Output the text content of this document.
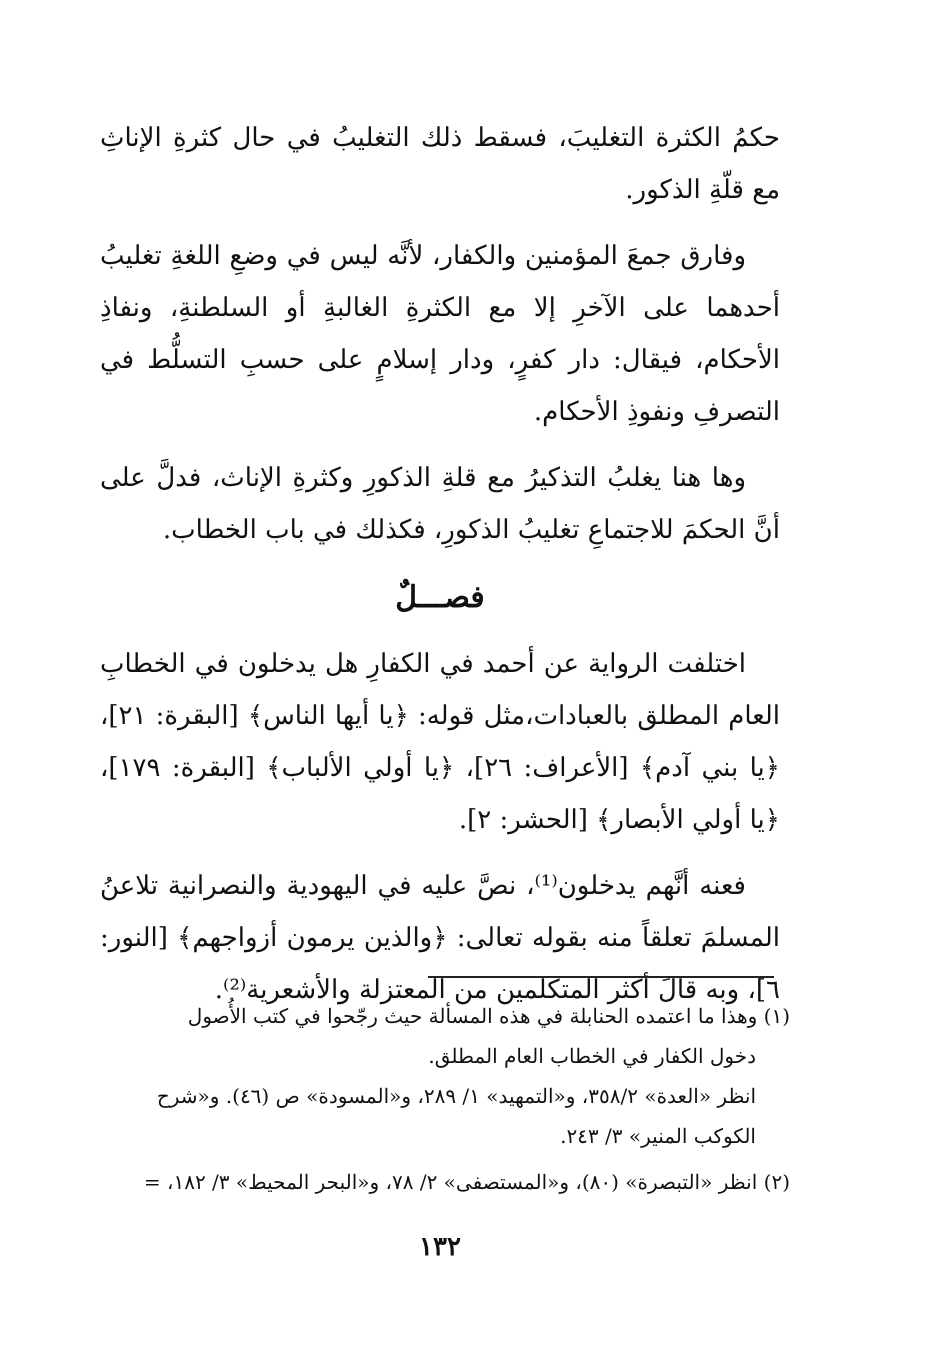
حكمُ الكثرة التغليبَ، فسقط ذلك التغليبُ في حال كثرةِ الإناثِ مع قلّةِ الذكور.

وفارق جمعَ المؤمنين والكفار، لأنَّه ليس في وضعِ اللغةِ تغليبُ أحدهما على الآخرِ إلا مع الكثرةِ الغالبةِ أو السلطنةِ، ونفاذِ الأحكام، فيقال: دار كفرٍ، ودار إسلامٍ على حسبِ التسلُّط في التصرفِ ونفوذِ الأحكام.

وها هنا يغلبُ التذكيرُ مع قلةِ الذكورِ وكثرةِ الإناث، فدلَّ على أنَّ الحكمَ للاجتماعِ تغليبُ الذكورِ، فكذلك في باب الخطاب.

فصـــلٌ

اختلفت الرواية عن أحمد في الكفارِ هل يدخلون في الخطابِ العام المطلق بالعبادات،مثل قوله: ﴿يا أيها الناس﴾ [البقرة: ٢١]، ﴿يا بني آدم﴾ [الأعراف: ٢٦]، ﴿يا أولي الألباب﴾ [البقرة: ١٧٩]، ﴿يا أولي الأبصار﴾ [الحشر: ٢].

فعنه أنَّهم يدخلون⁽¹⁾، نصَّ عليه في اليهودية والنصرانية تلاعنُ المسلمَ تعلقاً منه بقوله تعالى: ﴿والذين يرمون أزواجهم﴾ [النور: ٦]، وبه قالَ أكثر المتكلمين من المعتزلة والأشعرية⁽²⁾.

(١) وهذا ما اعتمده الحنابلة في هذه المسألة حيث رجّحوا في كتب الأُصول
دخول الكفار في الخطاب العام المطلق.
انظر «العدة» ٣٥٨/٢، و«التمهيد» ١/ ٢٨٩، و«المسودة» ص (٤٦). و«شرح
الكوكب المنير» ٣/ ٢٤٣.
(٢) انظر «التبصرة» (٨٠)، و«المستصفى» ٢/ ٧٨، و«البحر المحيط» ٣/ ١٨٢، =
١٣٢
